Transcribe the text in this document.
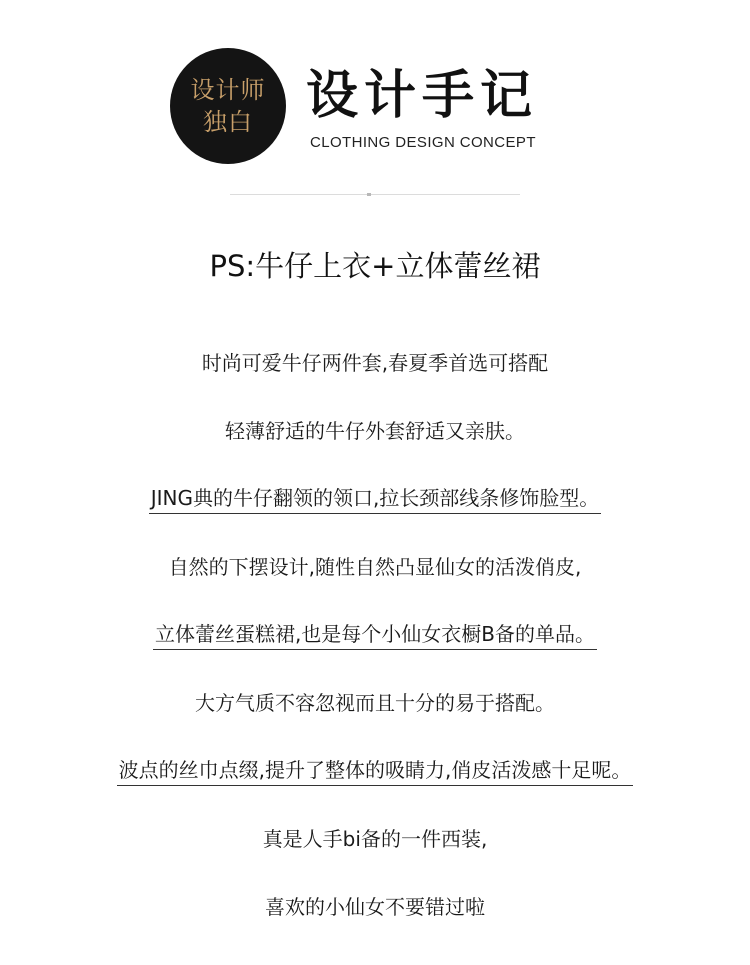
设计师
独白 设计手记
CLOTHING DESIGN CONCEPT
PS:牛仔上衣+立体蕾丝裙
时尚可爱牛仔两件套,春夏季首选可搭配
轻薄舒适的牛仔外套舒适又亲肤。
JING典的牛仔翻领的领口,拉长颈部线条修饰脸型。
自然的下摆设计,随性自然凸显仙女的活泼俏皮,
立体蕾丝蛋糕裙,也是每个小仙女衣橱B备的单品。
大方气质不容忽视而且十分的易于搭配。
波点的丝巾点缀,提升了整体的吸睛力,俏皮活泼感十足呢。
真是人手bi备的一件西装,
喜欢的小仙女不要错过啦
